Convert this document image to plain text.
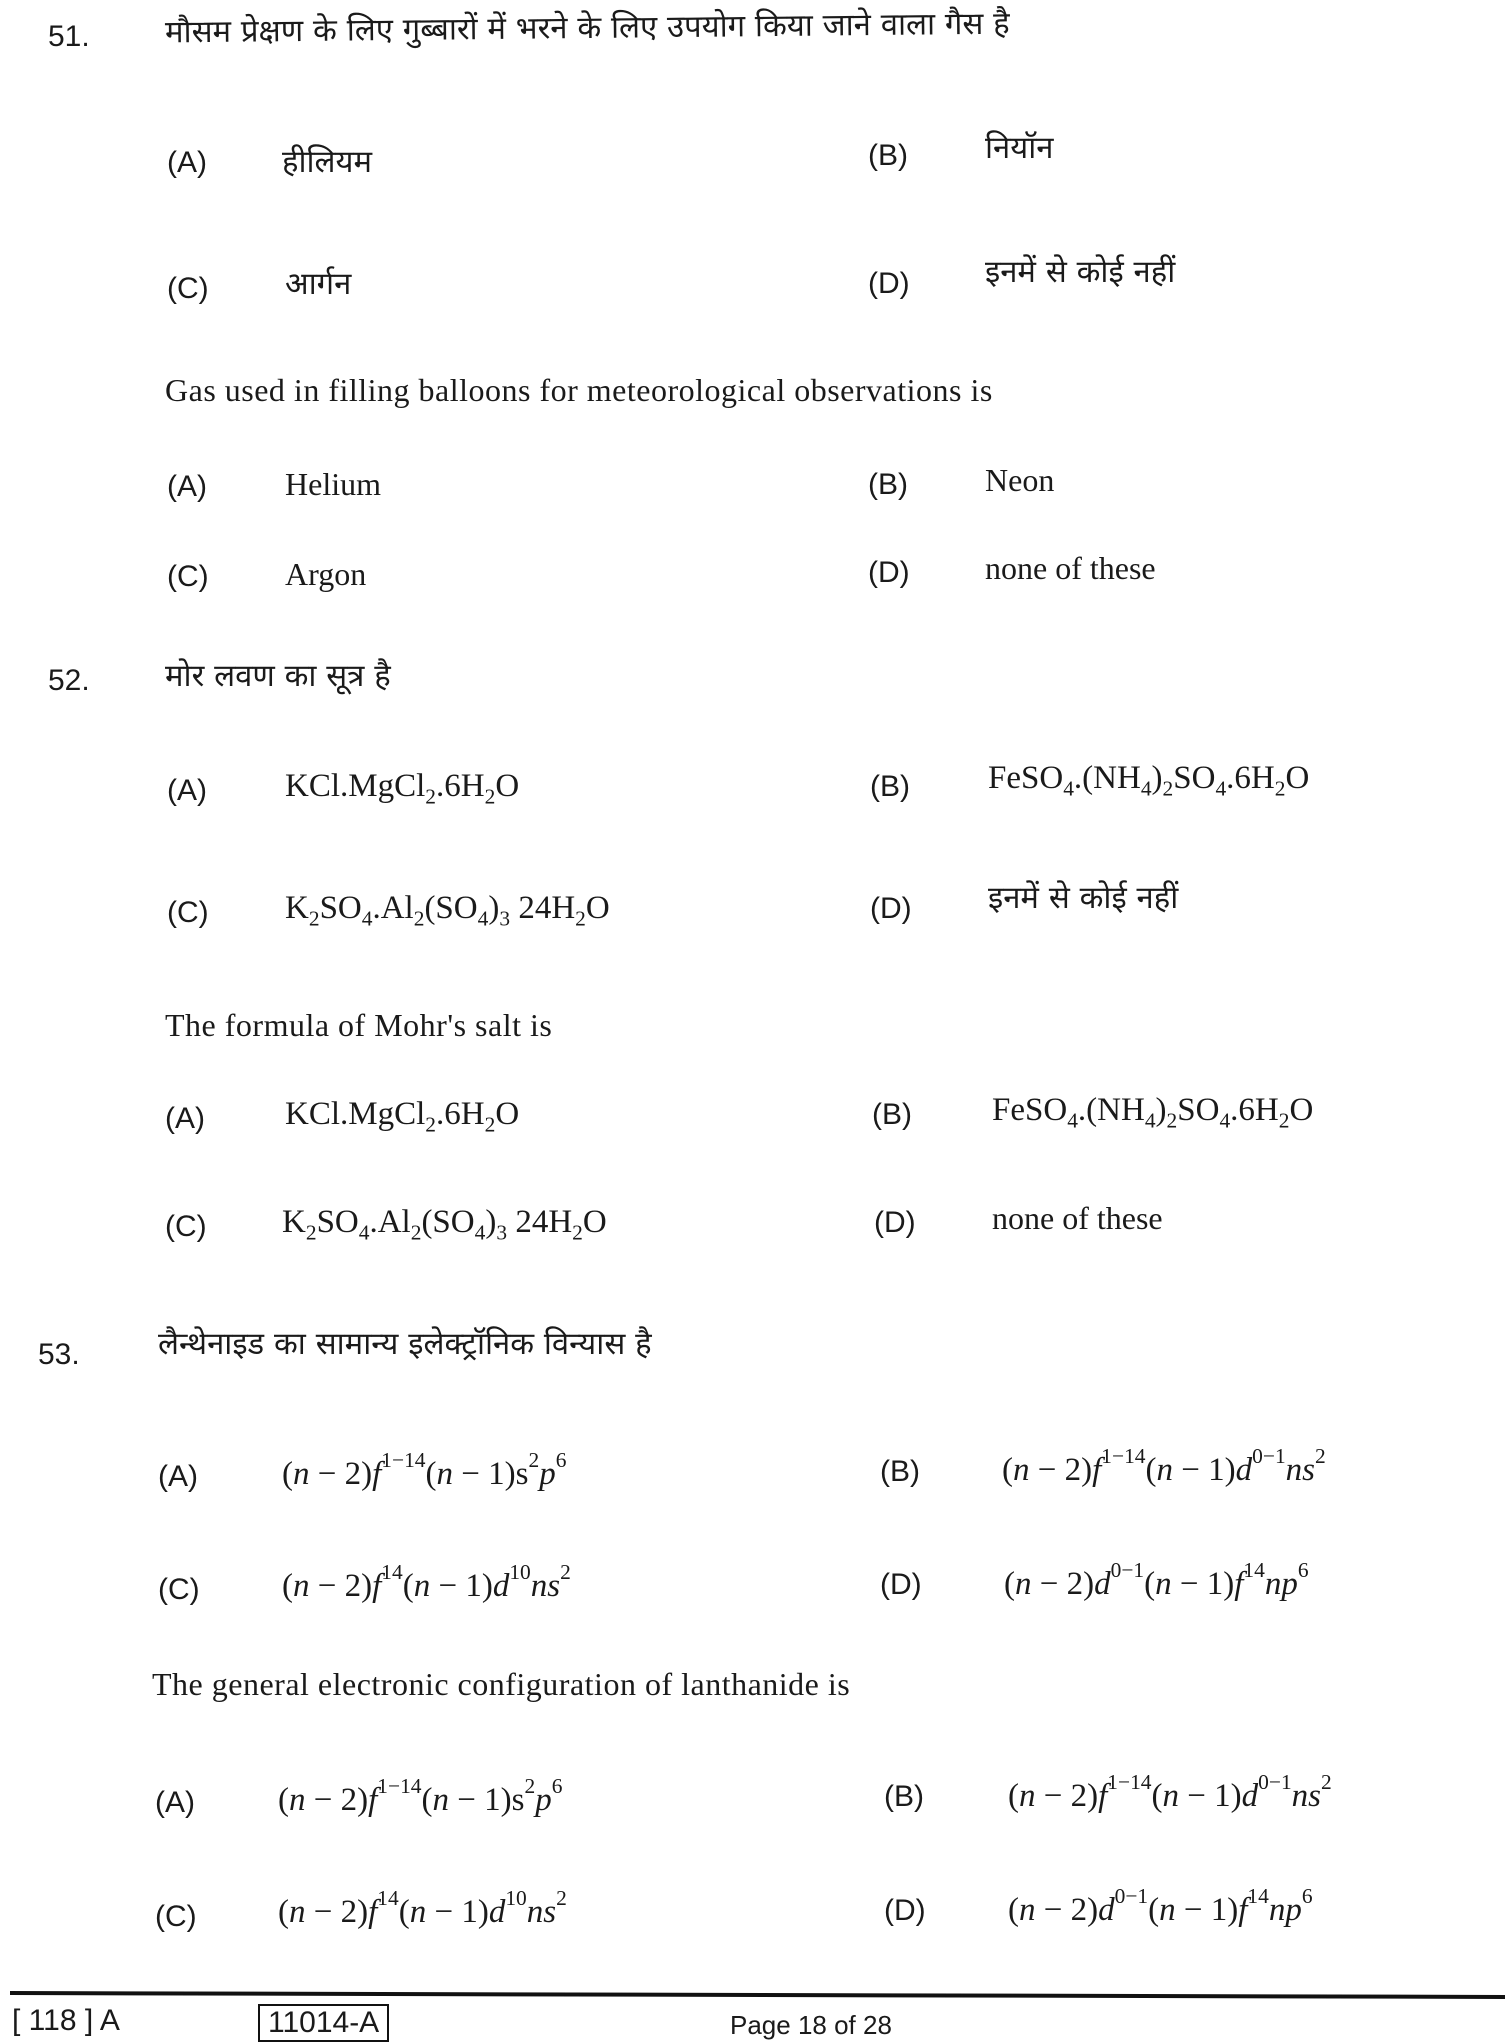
51. मौसम प्रेक्षण के लिए गुब्बारों में भरने के लिए उपयोग किया जाने वाला गैस है
(A) हीलियम	(B) नियॉन
(C) आर्गन	(D) इनमें से कोई नहीं
Gas used in filling balloons for meteorological observations is
(A) Helium	(B) Neon
(C) Argon	(D) none of these
52. मोर लवण का सूत्र है
(A) $KCl.MgCl_2.6H_2O$	(B) $FeSO_4.(NH_4)_2SO_4.6H_2O$
(C) $K_2SO_4.Al_2(SO_4)_3$ $24H_2O$	(D) इनमें से कोई नहीं
The formula of Mohr's salt is
(A) $KCl.MgCl_2.6H_2O$	(B) $FeSO_4.(NH_4)_2SO_4.6H_2O$
(C) $K_2SO_4.Al_2(SO_4)_3$ $24H_2O$	(D) none of these
53.	लैन्थेनाइड का सामान्य इलेक्ट्रॉनिक विन्यास है
(A)	$(n - 2)f^{1-14}(n - 1)s^2p^6$	(B) $(n - 2)f^{1-14}(n - 1)d^{0-1}ns^2$
(C) $(n - 2)f^{14}(n - 1)d^{10}ns^2$	(D) $(n - 2)d^{0-1}(n - 1)f^{14}np^6$
The general electronic configuration of lanthanide is
(A)	$(n - 2)f^{1-14}(n - 1)s^2p^6$	(B)	$(n - 2)f^{1-14}(n - 1)d^{0-1}ns^2$
(C) $(n - 2)f^{14}(n - 1)d^{10}ns^2$	(D) $(n - 2)d^{0-1}(n - 1)f^{14}np^6$
[ 118 ] A	11014-A	Page 18 of 28
